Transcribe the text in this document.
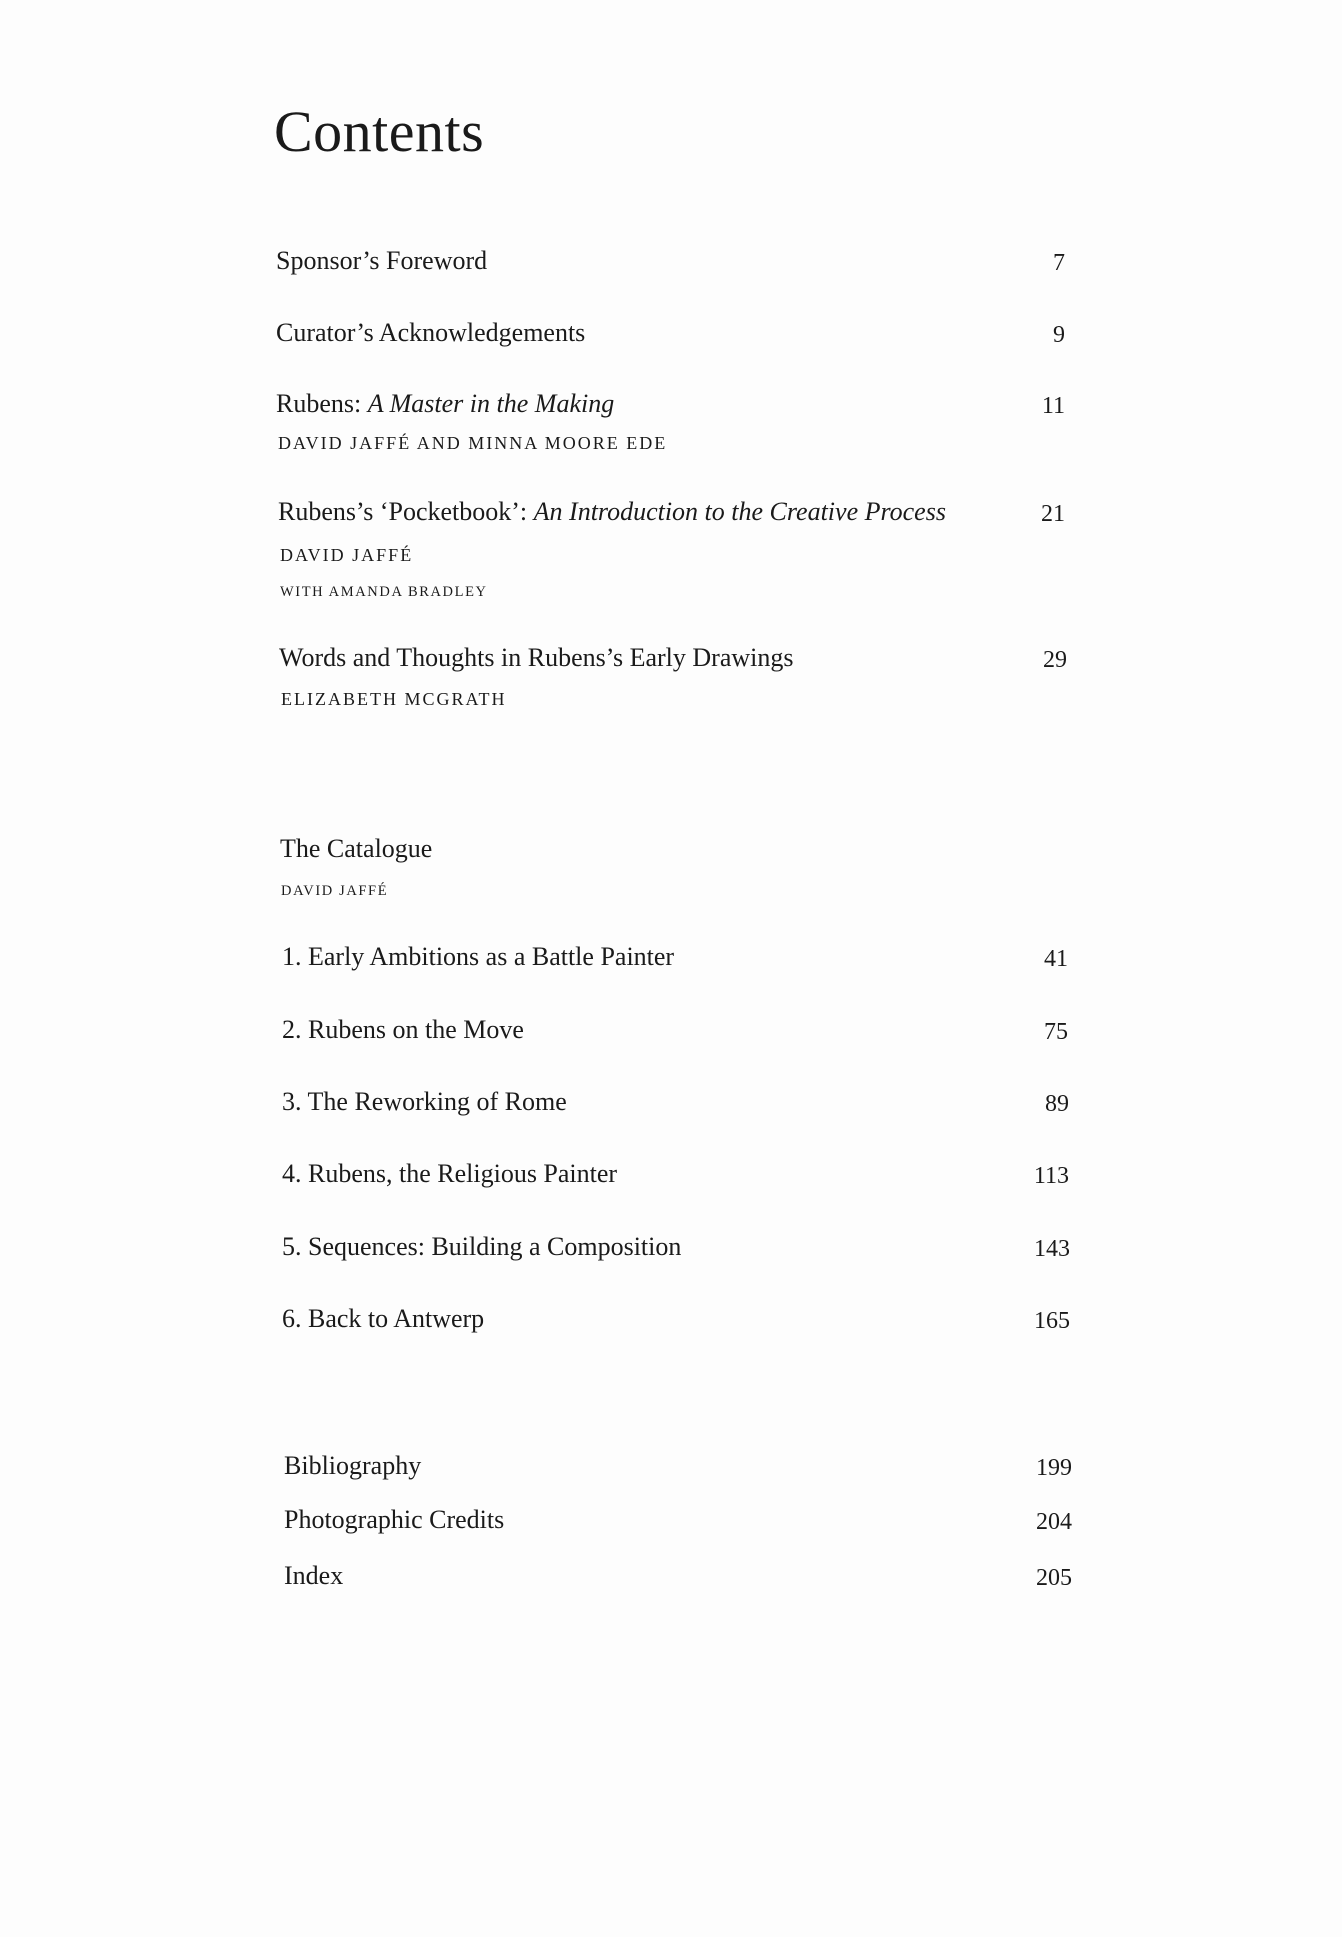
Contents
Sponsor’s Foreword	7
Curator’s Acknowledgements	9
Rubens: A Master in the Making	11
DAVID JAFFÉ AND MINNA MOORE EDE
Rubens’s ‘Pocketbook’: An Introduction to the Creative Process	21
DAVID JAFFÉ
WITH AMANDA BRADLEY
Words and Thoughts in Rubens’s Early Drawings	29
ELIZABETH MCGRATH
The Catalogue
DAVID JAFFÉ
1. Early Ambitions as a Battle Painter	41
2. Rubens on the Move	75
3. The Reworking of Rome	89
4. Rubens, the Religious Painter	113
5. Sequences: Building a Composition	143
6. Back to Antwerp	165
Bibliography	199
Photographic Credits	204
Index	205
